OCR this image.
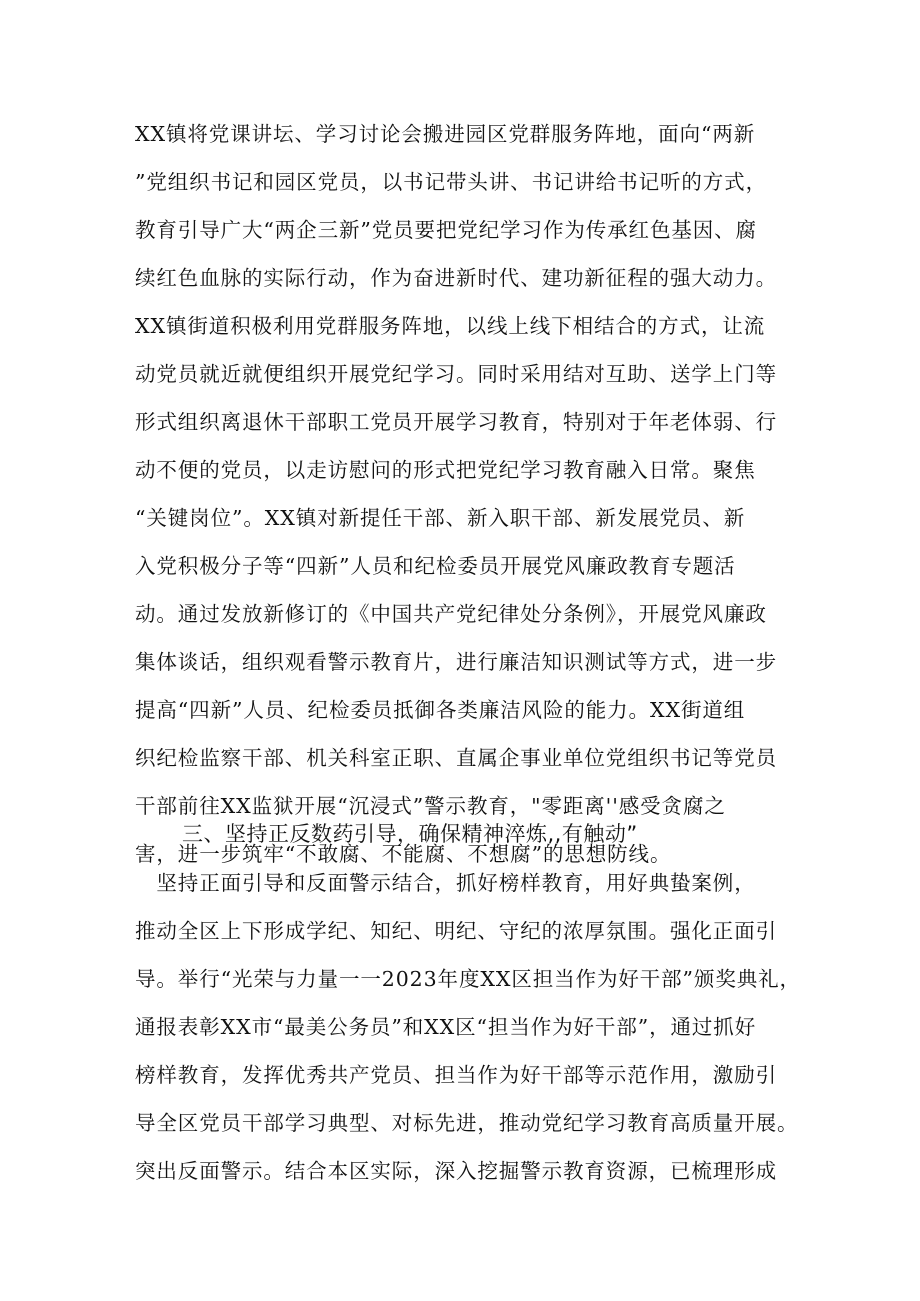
XX镇将党课讲坛、学习讨论会搬进园区党群服务阵地，面向“两新
”党组织书记和园区党员，以书记带头讲、书记讲给书记听的方式，
教育引导广大“两企三新”党员要把党纪学习作为传承红色基因、腐
续红色血脉的实际行动，作为奋进新时代、建功新征程的强大动力。
XX镇街道积极利用党群服务阵地，以线上线下相结合的方式，让流
动党员就近就便组织开展党纪学习。同时采用结对互助、送学上门等
形式组织离退休干部职工党员开展学习教育，特别对于年老体弱、行
动不便的党员，以走访慰问的形式把党纪学习教育融入日常。聚焦
“关键岗位”。XX镇对新提任干部、新入职干部、新发展党员、新
入党积极分子等“四新”人员和纪检委员开展党风廉政教育专题活
动。通过发放新修订的《中国共产党纪律处分条例》，开展党风廉政
集体谈话，组织观看警示教育片，进行廉洁知识测试等方式，进一步
提高“四新”人员、纪检委员抵御各类廉洁风险的能力。XX街道组
织纪检监察干部、机关科室正职、直属企事业单位党组织书记等党员
干部前往XX监狱开展“沉浸式”警示教育，"零距离''感受贪腐之
害，进一步筑牢“不敢腐、不能腐、不想腐”的思想防线。
三、坚持正反数药引导，确保精神淬炼,,有触动”
　坚持正面引导和反面警示结合，抓好榜样教育，用好典蛰案例，
推动全区上下形成学纪、知纪、明纪、守纪的浓厚氛围。强化正面引
导。举行“光荣与力量一一2023年度XX区担当作为好干部”颁奖典礼，
通报表彰XX市“最美公务员”和XX区“担当作为好干部”，通过抓好
榜样教育，发挥优秀共产党员、担当作为好干部等示范作用，激励引
导全区党员干部学习典型、对标先进，推动党纪学习教育高质量开展。
突出反面警示。结合本区实际，深入挖掘警示教育资源，已梳理形成
